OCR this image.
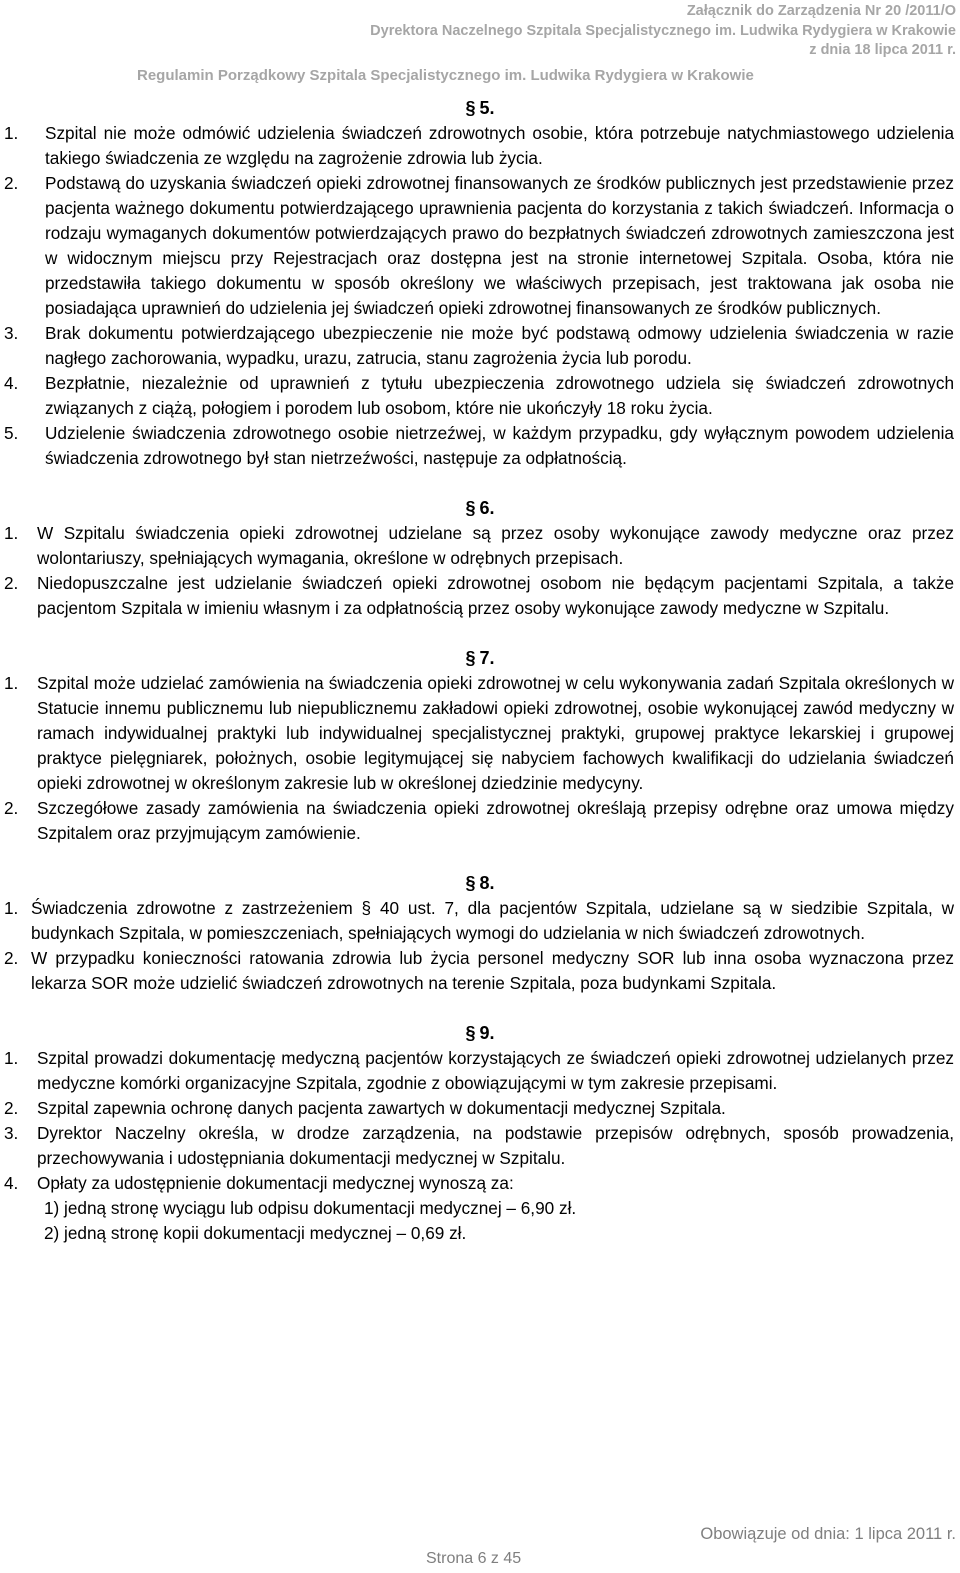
Załącznik do Zarządzenia Nr 20 /2011/O
Dyrektora Naczelnego Szpitala Specjalistycznego im. Ludwika Rydygiera w Krakowie
z dnia 18 lipca 2011 r.
Regulamin Porządkowy Szpitala Specjalistycznego im. Ludwika Rydygiera w Krakowie
§ 5.
1. Szpital nie może odmówić udzielenia świadczeń zdrowotnych osobie, która potrzebuje natychmiastowego udzielenia takiego świadczenia ze względu na zagrożenie zdrowia lub życia.
2. Podstawą do uzyskania świadczeń opieki zdrowotnej finansowanych ze środków publicznych jest przedstawienie przez pacjenta ważnego dokumentu potwierdzającego uprawnienia pacjenta do korzystania z takich świadczeń. Informacja o rodzaju wymaganych dokumentów potwierdzających prawo do bezpłatnych świadczeń zdrowotnych zamieszczona jest w widocznym miejscu przy Rejestracjach oraz dostępna jest na stronie internetowej Szpitala. Osoba, która nie przedstawiła takiego dokumentu w sposób określony we właściwych przepisach, jest traktowana jak osoba nie posiadająca uprawnień do udzielenia jej świadczeń opieki zdrowotnej finansowanych ze środków publicznych.
3. Brak dokumentu potwierdzającego ubezpieczenie nie może być podstawą odmowy udzielenia świadczenia w razie nagłego zachorowania, wypadku, urazu, zatrucia, stanu zagrożenia życia lub porodu.
4. Bezpłatnie, niezależnie od uprawnień z tytułu ubezpieczenia zdrowotnego udziela się świadczeń zdrowotnych związanych z ciążą, połogiem i porodem lub osobom, które nie ukończyły 18 roku życia.
5. Udzielenie świadczenia zdrowotnego osobie nietrzeźwej, w każdym przypadku, gdy wyłącznym powodem udzielenia świadczenia zdrowotnego był stan nietrzeźwości, następuje za odpłatnością.
§ 6.
1. W Szpitalu świadczenia opieki zdrowotnej udzielane są przez osoby wykonujące zawody medyczne oraz przez wolontariuszy, spełniających wymagania, określone w odrębnych przepisach.
2. Niedopuszczalne jest udzielanie świadczeń opieki zdrowotnej osobom nie będącym pacjentami Szpitala, a także pacjentom Szpitala w imieniu własnym i za odpłatnością przez osoby wykonujące zawody medyczne w Szpitalu.
§ 7.
1. Szpital może udzielać zamówienia na świadczenia opieki zdrowotnej w celu wykonywania zadań Szpitala określonych w Statucie innemu publicznemu lub niepublicznemu zakładowi opieki zdrowotnej, osobie wykonującej zawód medyczny w ramach indywidualnej praktyki lub indywidualnej specjalistycznej praktyki, grupowej praktyce lekarskiej i grupowej praktyce pielęgniarek, położnych, osobie legitymującej się nabyciem fachowych kwalifikacji do udzielania świadczeń opieki zdrowotnej w określonym zakresie lub w określonej dziedzinie medycyny.
2. Szczegółowe zasady zamówienia na świadczenia opieki zdrowotnej określają przepisy odrębne oraz umowa między Szpitalem oraz przyjmującym zamówienie.
§ 8.
1. Świadczenia zdrowotne z zastrzeżeniem § 40 ust. 7, dla pacjentów Szpitala, udzielane są w siedzibie Szpitala, w budynkach Szpitala, w pomieszczeniach, spełniających wymogi do udzielania w nich świadczeń zdrowotnych.
2. W przypadku konieczności ratowania zdrowia lub życia personel medyczny SOR lub inna osoba wyznaczona przez lekarza SOR może udzielić świadczeń zdrowotnych na terenie Szpitala, poza budynkami Szpitala.
§ 9.
1. Szpital prowadzi dokumentację medyczną pacjentów korzystających ze świadczeń opieki zdrowotnej udzielanych przez medyczne komórki organizacyjne Szpitala, zgodnie z obowiązującymi w tym zakresie przepisami.
2. Szpital zapewnia ochronę danych pacjenta zawartych w dokumentacji medycznej Szpitala.
3. Dyrektor Naczelny określa, w drodze zarządzenia, na podstawie przepisów odrębnych, sposób prowadzenia, przechowywania i udostępniania dokumentacji medycznej w Szpitalu.
4. Opłaty za udostępnienie dokumentacji medycznej wynoszą za:
1) jedną stronę wyciągu lub odpisu dokumentacji medycznej – 6,90 zł.
2) jedną stronę kopii dokumentacji medycznej – 0,69 zł.
Obowiązuje od dnia: 1 lipca 2011 r.
Strona 6 z 45
